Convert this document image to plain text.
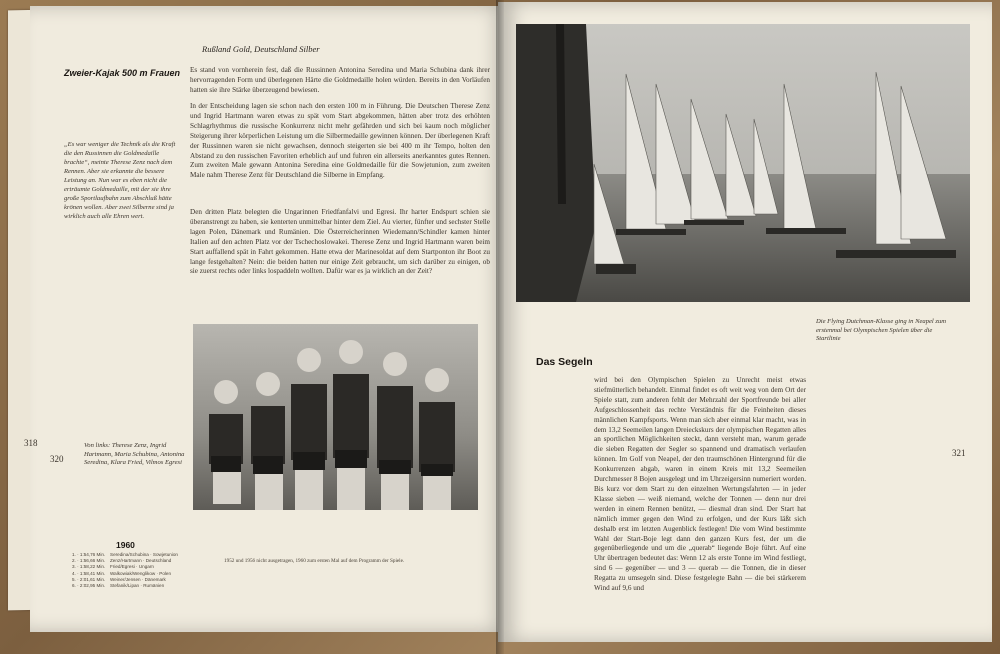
Zweier-Kajak 500 m Frauen
Rußland Gold, Deutschland Silber
Es stand von vornherein fest, daß die Russinnen Antonina Seredina und Maria Schubina dank ihrer hervorragenden Form und überlegenen Härte die Goldmedaille holen würden. Bereits in den Vorläufen hatten sie ihre Stärke überzeugend bewiesen.
In der Entscheidung lagen sie schon nach den ersten 100 m in Führung. Die Deutschen Therese Zenz und Ingrid Hartmann waren etwas zu spät vom Start abgekommen, hätten aber trotz des erhöhten Schlagrhythmus die russische Konkurrenz nicht mehr gefährden und sich bei kaum noch möglicher Steigerung ihrer körperlichen Leistung um die Silbermedaille gewinnen können. Der überlegenen Kraft der Russinnen waren sie nicht gewachsen, dennoch steigerten sie bei 400 m ihr Tempo, holten den Abstand zu den russischen Favoriten erheblich auf und fuhren ein allerseits anerkanntes gutes Rennen. Zum zweiten Male gewann Antonina Seredina eine Goldmedaille für die Sowjetunion, zum zweiten Male nahm Therese Zenz für Deutschland die Silberne in Empfang.
Den dritten Platz belegten die Ungarinnen Friedfanfalvi und Egresi. Ihr harter Endspurt schien sie überanstrengt zu haben, sie kenterten unmittelbar hinter dem Ziel. Au vierter, fünfter und sechster Stelle lagen Polen, Dänemark und Rumänien. Die Österreicherinnen Wiedemann/Schindler kamen hinter Italien auf den achten Platz vor der Tschechoslowakei. Therese Zenz und Ingrid Hartmann waren beim Start auffallend spät in Fahrt gekommen. Hatte etwa der Marinesoldat auf dem Startponton ihr Boot zu lange festgehalten? Nein: die beiden hatten nur einige Zeit gebraucht, um sich darüber zu einigen, ob sie zuerst rechts oder links lospaddeln wollten. Dafür war es ja wirklich an der Zeit?
„Es war weniger die Technik als die Kraft die den Russinnen die Goldmedaille brachte“, meinte Therese Zenz nach dem Rennen. Aber sie erkannte die bessere Leistung an. Nun war es eben nicht die erträumte Goldmedaille, mit der sie ihre große Sportlaufbahn zum Abschluß hätte krönen wollen. Aber zwei Silberne sind ja wirklich auch alle Ehren wert.
318
320
Von links: Therese Zenz, Ingrid Hartmann, Maria Schubina, Antonina Seredina, Klara Fried, Vilmos Egresi
1960
1. · 1:54,76 Min. Seredina/Schubina · Sowjetunion
2. · 1:56,66 Min. Zenz/Hartmann · Deutschland
3. · 1:58,22 Min. Fried/Egresi · Ungarn
4. · 1:58,41 Min. Walkowiak/Wenglikow · Polen
5. · 2:01,61 Min. Weiner/Jensen · Dänemark
6. · 2:02,95 Min. Stefanik/Lipan · Rumänien
1952 und 1956 nicht ausgetragen, 1960 zum ersten Mal auf dem Programm der Spiele.
Die Flying Dutchman-Klasse ging in Neapel zum erstenmal bei Olympischen Spielen über die Startlinie
321
Das Segeln
wird bei den Olympischen Spielen zu Unrecht meist etwas stiefmütterlich behandelt. Einmal findet es oft weit weg von dem Ort der Spiele statt, zum anderen fehlt der Mehrzahl der Sportfreunde bei aller Aufgeschlossenheit das rechte Verständnis für die Feinheiten dieses männlichen Kampfsports. Wenn man sich aber einmal klar macht, was in dem 13,2 Seemeilen langen Dreieckskurs der olympischen Regatten alles an sportlichen Möglichkeiten steckt, dann versteht man, warum gerade die sieben Regatten der Segler so spannend und dramatisch verlaufen können. Im Golf von Neapel, der den traumschönen Hintergrund für die Konkurrenzen abgab, waren in einem Kreis mit 13,2 Seemeilen Durchmesser 8 Bojen ausgelegt und im Uhrzeigersinn numeriert worden. Bis kurz vor dem Start zu den einzelnen Wertungsfahrten — in jeder Klasse sieben — weiß niemand, welche der Tonnen — denn nur drei werden in einem Rennen benützt, — diesmal dran sind. Der Start hat nämlich immer gegen den Wind zu erfolgen, und der Kurs läßt sich deshalb erst im letzten Augenblick festlegen! Die vom Wind bestimmte Wahl der Start-Boje legt dann den ganzen Kurs fest, der um die gegenüberliegende und um die „querab“ liegende Boje führt. Auf eine Uhr übertragen bedeutet das: Wenn 12 als erste Tonne im Wind festliegt, sind 6 — gegenüber — und 3 — querab — die Tonnen, die in dieser Regatta zu umsegeln sind. Diese festgelegte Bahn — die bei stärkerem Wind auf 9,6 und
